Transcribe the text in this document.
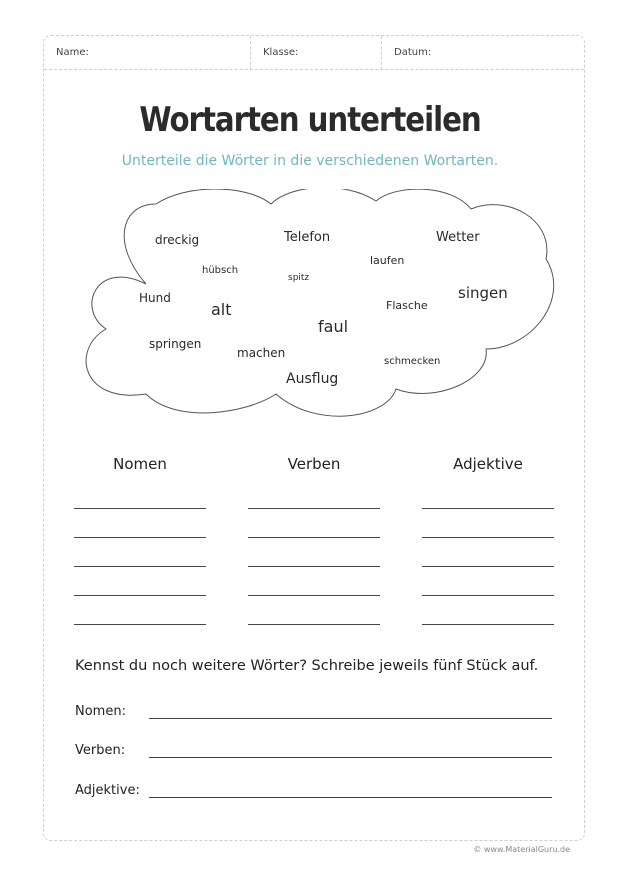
Name:	Klasse:	Datum:
Wortarten unterteilen
Unterteile die Wörter in die verschiedenen Wortarten.
dreckig	Telefon	Wetter
hübsch
laufen
spitz
Hund	singen
alt	Flasche
faul
springen
machen
schmecken
Ausflug
Nomen	Verben	Adjektive
Kennst du noch weitere Wörter? Schreibe jeweils fünf Stück auf.
Nomen:
Verben:
Adjektive:
© www.MaterialGuru.de
